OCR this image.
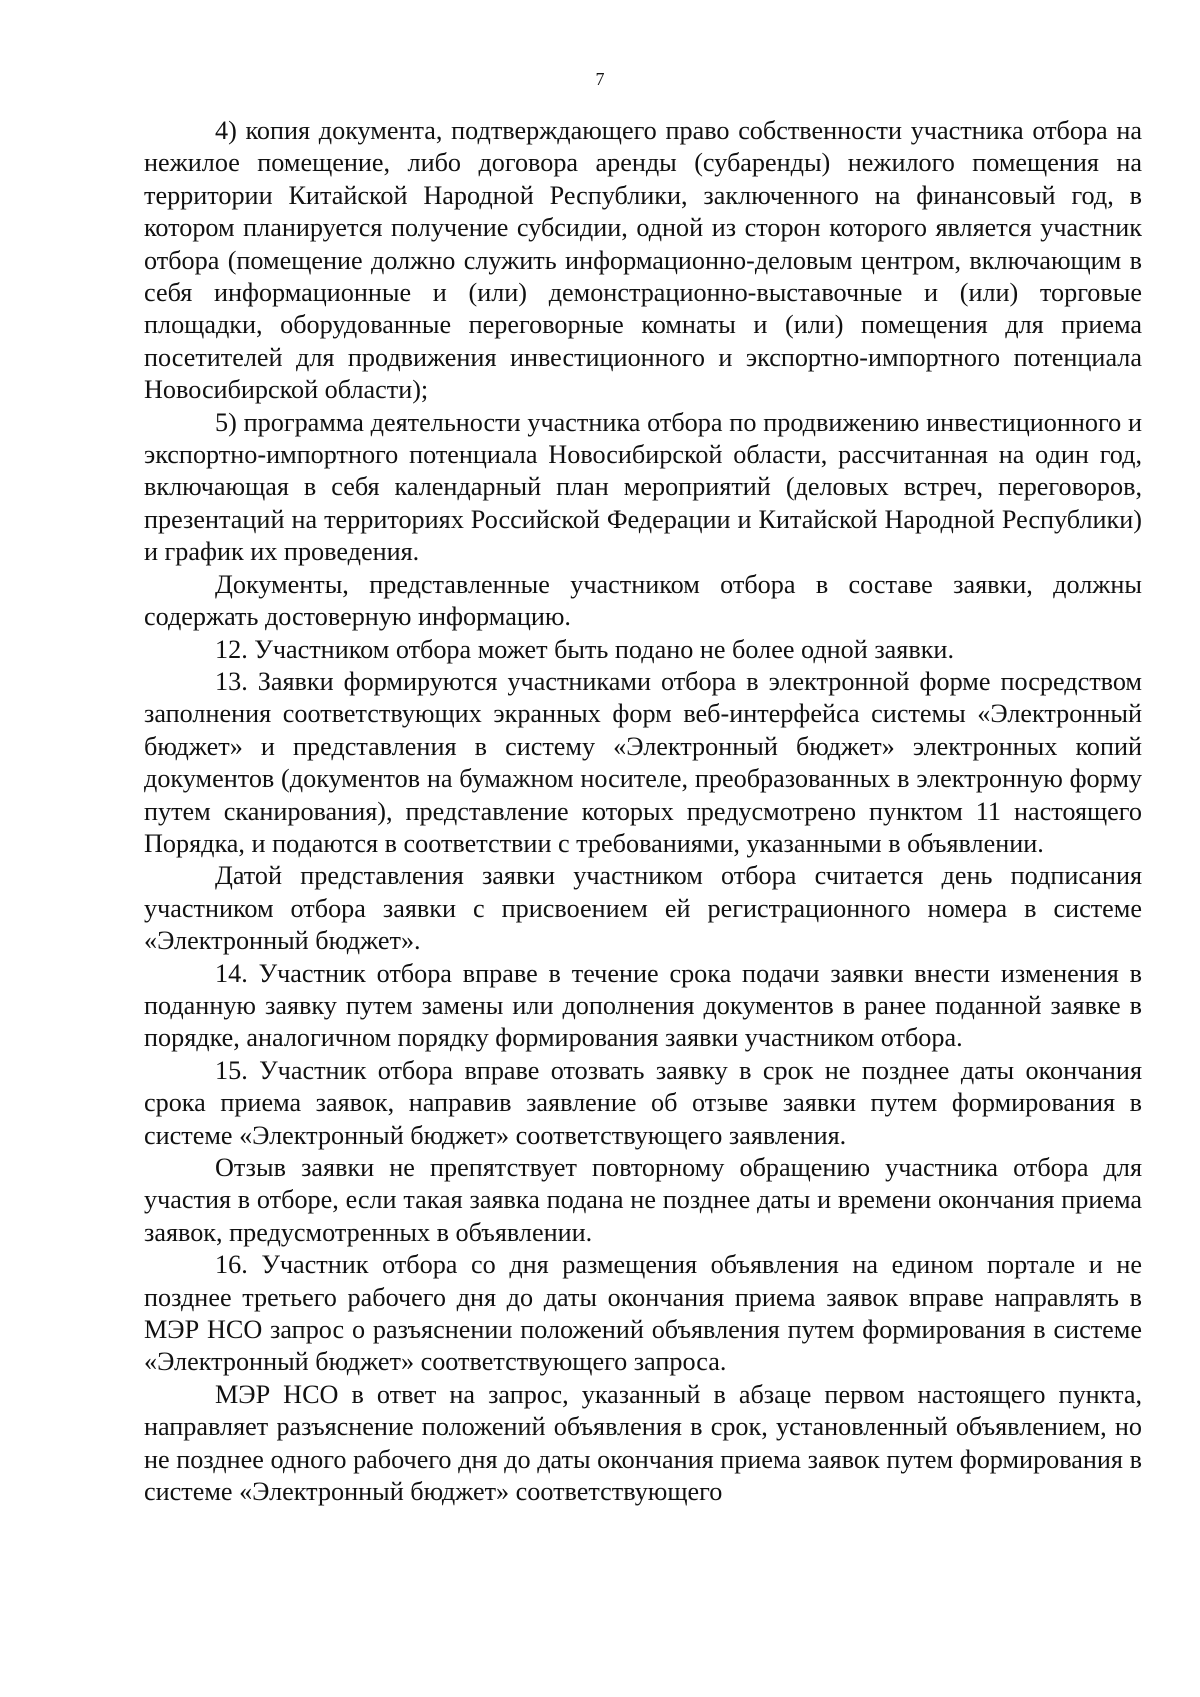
7

4) копия документа, подтверждающего право собственности участника отбора на нежилое помещение, либо договора аренды (субаренды) нежилого помещения на территории Китайской Народной Республики, заключенного на финансовый год, в котором планируется получение субсидии, одной из сторон которого является участник отбора (помещение должно служить информационно-деловым центром, включающим в себя информационные и (или) демонстрационно-выставочные и (или) торговые площадки, оборудованные переговорные комнаты и (или) помещения для приема посетителей для продвижения инвестиционного и экспортно-импортного потенциала Новосибирской области);

5) программа деятельности участника отбора по продвижению инвестиционного и экспортно-импортного потенциала Новосибирской области, рассчитанная на один год, включающая в себя календарный план мероприятий (деловых встреч, переговоров, презентаций на территориях Российской Федерации и Китайской Народной Республики) и график их проведения.

Документы, представленные участником отбора в составе заявки, должны содержать достоверную информацию.

12. Участником отбора может быть подано не более одной заявки.

13. Заявки формируются участниками отбора в электронной форме посредством заполнения соответствующих экранных форм веб-интерфейса системы «Электронный бюджет» и представления в систему «Электронный бюджет» электронных копий документов (документов на бумажном носителе, преобразованных в электронную форму путем сканирования), представление которых предусмотрено пунктом 11 настоящего Порядка, и подаются в соответствии с требованиями, указанными в объявлении.

Датой представления заявки участником отбора считается день подписания участником отбора заявки с присвоением ей регистрационного номера в системе «Электронный бюджет».

14. Участник отбора вправе в течение срока подачи заявки внести изменения в поданную заявку путем замены или дополнения документов в ранее поданной заявке в порядке, аналогичном порядку формирования заявки участником отбора.

15. Участник отбора вправе отозвать заявку в срок не позднее даты окончания срока приема заявок, направив заявление об отзыве заявки путем формирования в системе «Электронный бюджет» соответствующего заявления.

Отзыв заявки не препятствует повторному обращению участника отбора для участия в отборе, если такая заявка подана не позднее даты и времени окончания приема заявок, предусмотренных в объявлении.

16. Участник отбора со дня размещения объявления на едином портале и не позднее третьего рабочего дня до даты окончания приема заявок вправе направлять в МЭР НСО запрос о разъяснении положений объявления путем формирования в системе «Электронный бюджет» соответствующего запроса.

МЭР НСО в ответ на запрос, указанный в абзаце первом настоящего пункта, направляет разъяснение положений объявления в срок, установленный объявлением, но не позднее одного рабочего дня до даты окончания приема заявок путем формирования в системе «Электронный бюджет» соответствующего
